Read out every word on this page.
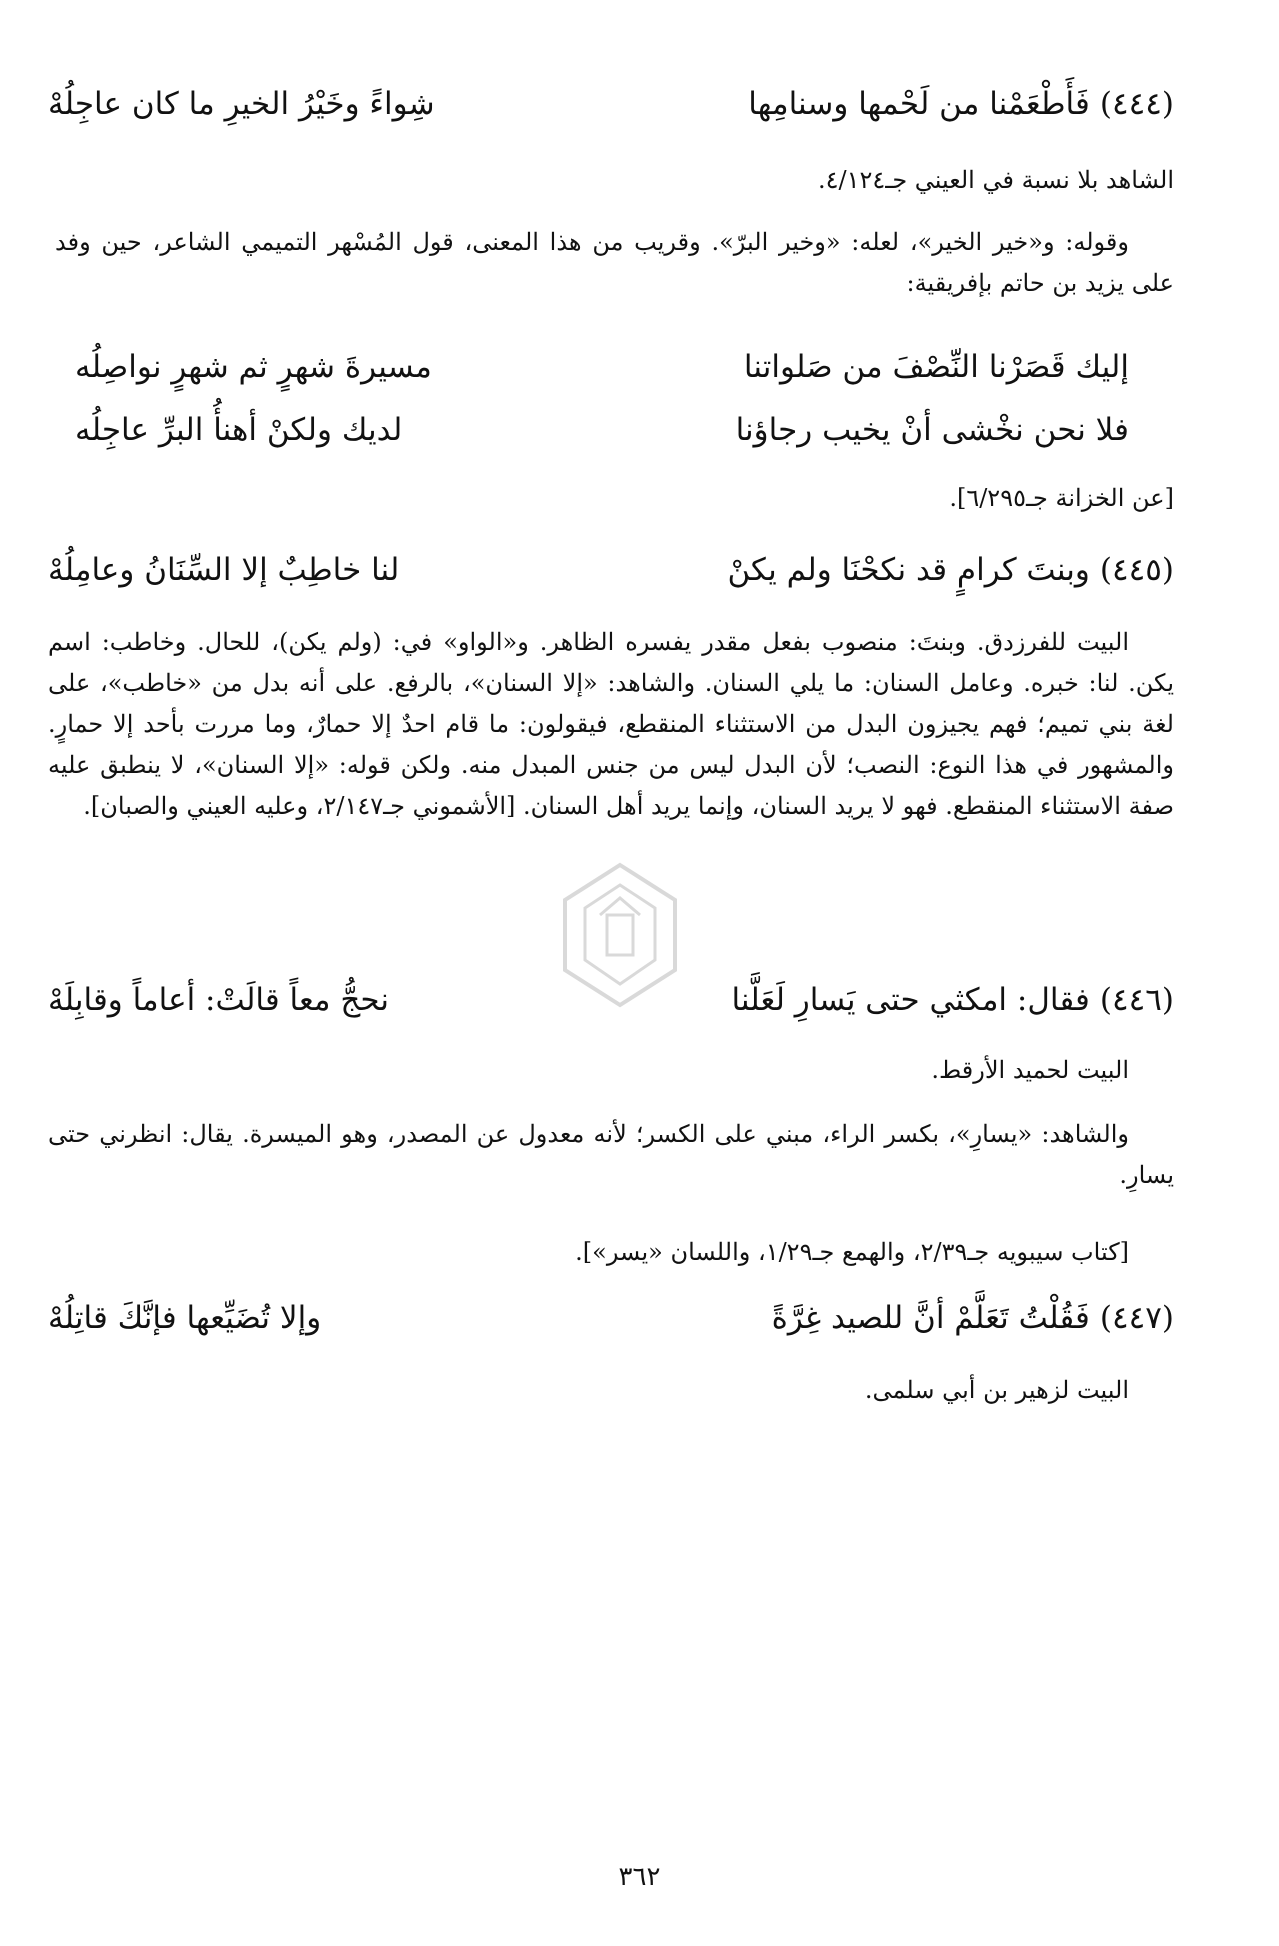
(٤٤٤)فَأَطْعَمْنا من لَحْمها وسنامِها
شِواءً وخَيْرُ الخيرِ ما كان عاجِلُهْ

الشاهد بلا نسبة في العيني جـ٤/١٢٤.

وقوله: و«خير الخير»، لعله: «وخير البرّ». وقريب من هذا المعنى، قول المُسْهر التميمي الشاعر، حين وفد على يزيد بن حاتم بإفريقية:

إليك قَصَرْنا النِّصْفَ من صَلواتنا
مسيرةَ شهرٍ ثم شهرٍ نواصِلُه
فلا نحن نخْشى أنْ يخيب رجاؤنا
لديك ولكنْ أهنأُ البرِّ عاجِلُه

[عن الخزانة جـ٦/٢٩٥].

(٤٤٥)وبنتَ كرامٍ قد نكحْنَا ولم يكنْ
لنا خاطِبٌ إلا السِّنَانُ وعامِلُهْ

البيت للفرزدق. وبنتَ: منصوب بفعل مقدر يفسره الظاهر. و«الواو» في: (ولم يكن)، للحال. وخاطب: اسم يكن. لنا: خبره. وعامل السنان: ما يلي السنان. والشاهد: «إلا السنان»، بالرفع. على أنه بدل من «خاطب»، على لغة بني تميم؛ فهم يجيزون البدل من الاستثناء المنقطع، فيقولون: ما قام احدٌ إلا حمارٌ، وما مررت بأحد إلا حمارٍ. والمشهور في هذا النوع: النصب؛ لأن البدل ليس من جنس المبدل منه. ولكن قوله: «إلا السنان»، لا ينطبق عليه صفة الاستثناء المنقطع. فهو لا يريد السنان، وإنما يريد أهل السنان. [الأشموني جـ٢/١٤٧، وعليه العيني والصبان].

(٤٤٦)فقال: امكثي حتى يَسارِ لَعَلَّنا
نحجُّ معاً قالَتْ: أعاماً وقابِلَهْ

البيت لحميد الأرقط.

والشاهد: «يسارِ»، بكسر الراء، مبني على الكسر؛ لأنه معدول عن المصدر، وهو الميسرة. يقال: انظرني حتى يسارِ.

[كتاب سيبويه جـ٢/٣٩، والهمع جـ١/٢٩، واللسان «يسر»].

(٤٤٧)فَقُلْتُ تَعَلَّمْ أنَّ للصيد غِرَّةً
وإلا تُضَيِّعها فإنَّكَ قاتِلُهْ

البيت لزهير بن أبي سلمى.

٣٦٢
